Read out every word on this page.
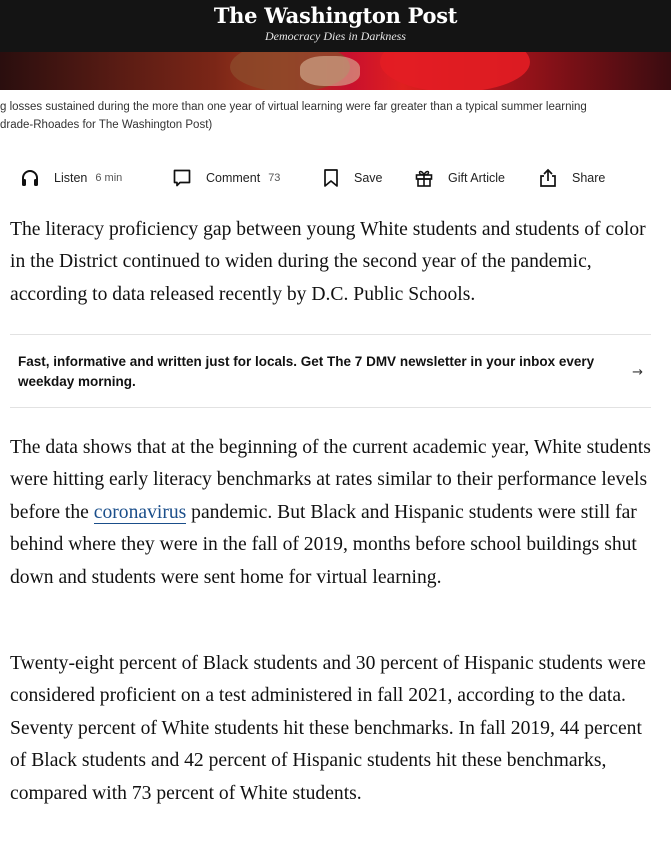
The Washington Post
Democracy Dies in Darkness
g losses sustained during the more than one year of virtual learning were far greater than a typical summer learning
drade-Rhoades for The Washington Post)
Listen 6 min	Comment 73	Save	Gift Article	Share

The literacy proficiency gap between young White students and students of color in the District continued to widen during the second year of the pandemic, according to data released recently by D.C. Public Schools.

Fast, informative and written just for locals. Get The 7 DMV newsletter in your inbox every weekday morning.
→

The data shows that at the beginning of the current academic year, White students were hitting early literacy benchmarks at rates similar to their performance levels before the coronavirus pandemic. But Black and Hispanic students were still far behind where they were in the fall of 2019, months before school buildings shut down and students were sent home for virtual learning.

Twenty-eight percent of Black students and 30 percent of Hispanic students were considered proficient on a test administered in fall 2021, according to the data. Seventy percent of White students hit these benchmarks. In fall 2019, 44 percent of Black students and 42 percent of Hispanic students hit these benchmarks, compared with 73 percent of White students.
